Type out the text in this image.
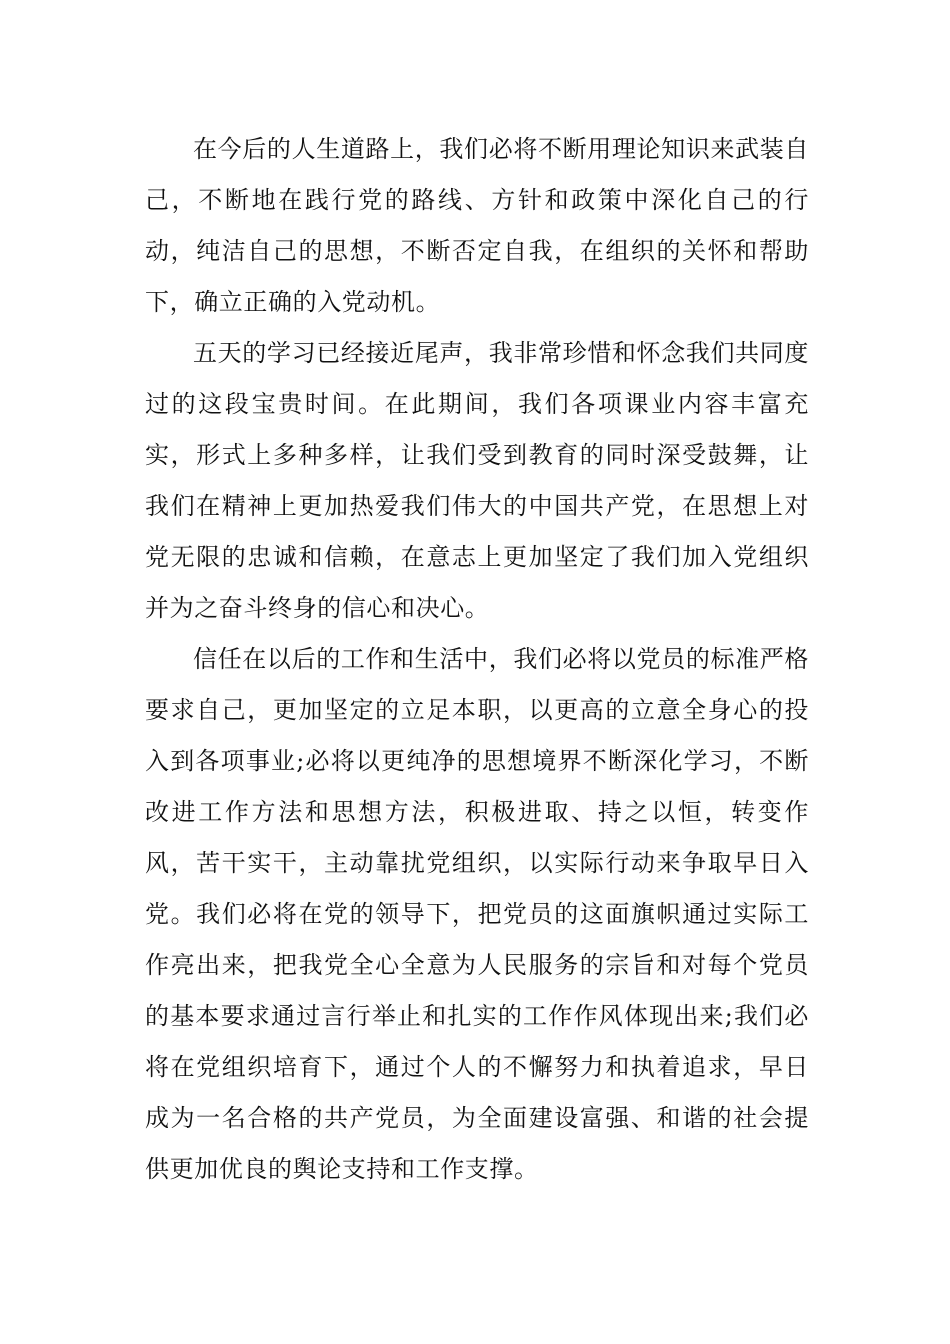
在今后的人生道路上，我们必将不断用理论知识来武装自己，不断地在践行党的路线、方针和政策中深化自己的行动，纯洁自己的思想，不断否定自我，在组织的关怀和帮助下，确立正确的入党动机。

五天的学习已经接近尾声，我非常珍惜和怀念我们共同度过的这段宝贵时间。在此期间，我们各项课业内容丰富充实，形式上多种多样，让我们受到教育的同时深受鼓舞，让我们在精神上更加热爱我们伟大的中国共产党，在思想上对党无限的忠诚和信赖，在意志上更加坚定了我们加入党组织并为之奋斗终身的信心和决心。

信任在以后的工作和生活中，我们必将以党员的标准严格要求自己，更加坚定的立足本职，以更高的立意全身心的投入到各项事业;必将以更纯净的思想境界不断深化学习，不断改进工作方法和思想方法，积极进取、持之以恒，转变作风，苦干实干，主动靠扰党组织，以实际行动来争取早日入党。我们必将在党的领导下，把党员的这面旗帜通过实际工作亮出来，把我党全心全意为人民服务的宗旨和对每个党员的基本要求通过言行举止和扎实的工作作风体现出来;我们必将在党组织培育下，通过个人的不懈努力和执着追求，早日成为一名合格的共产党员，为全面建设富强、和谐的社会提供更加优良的舆论支持和工作支撑。
